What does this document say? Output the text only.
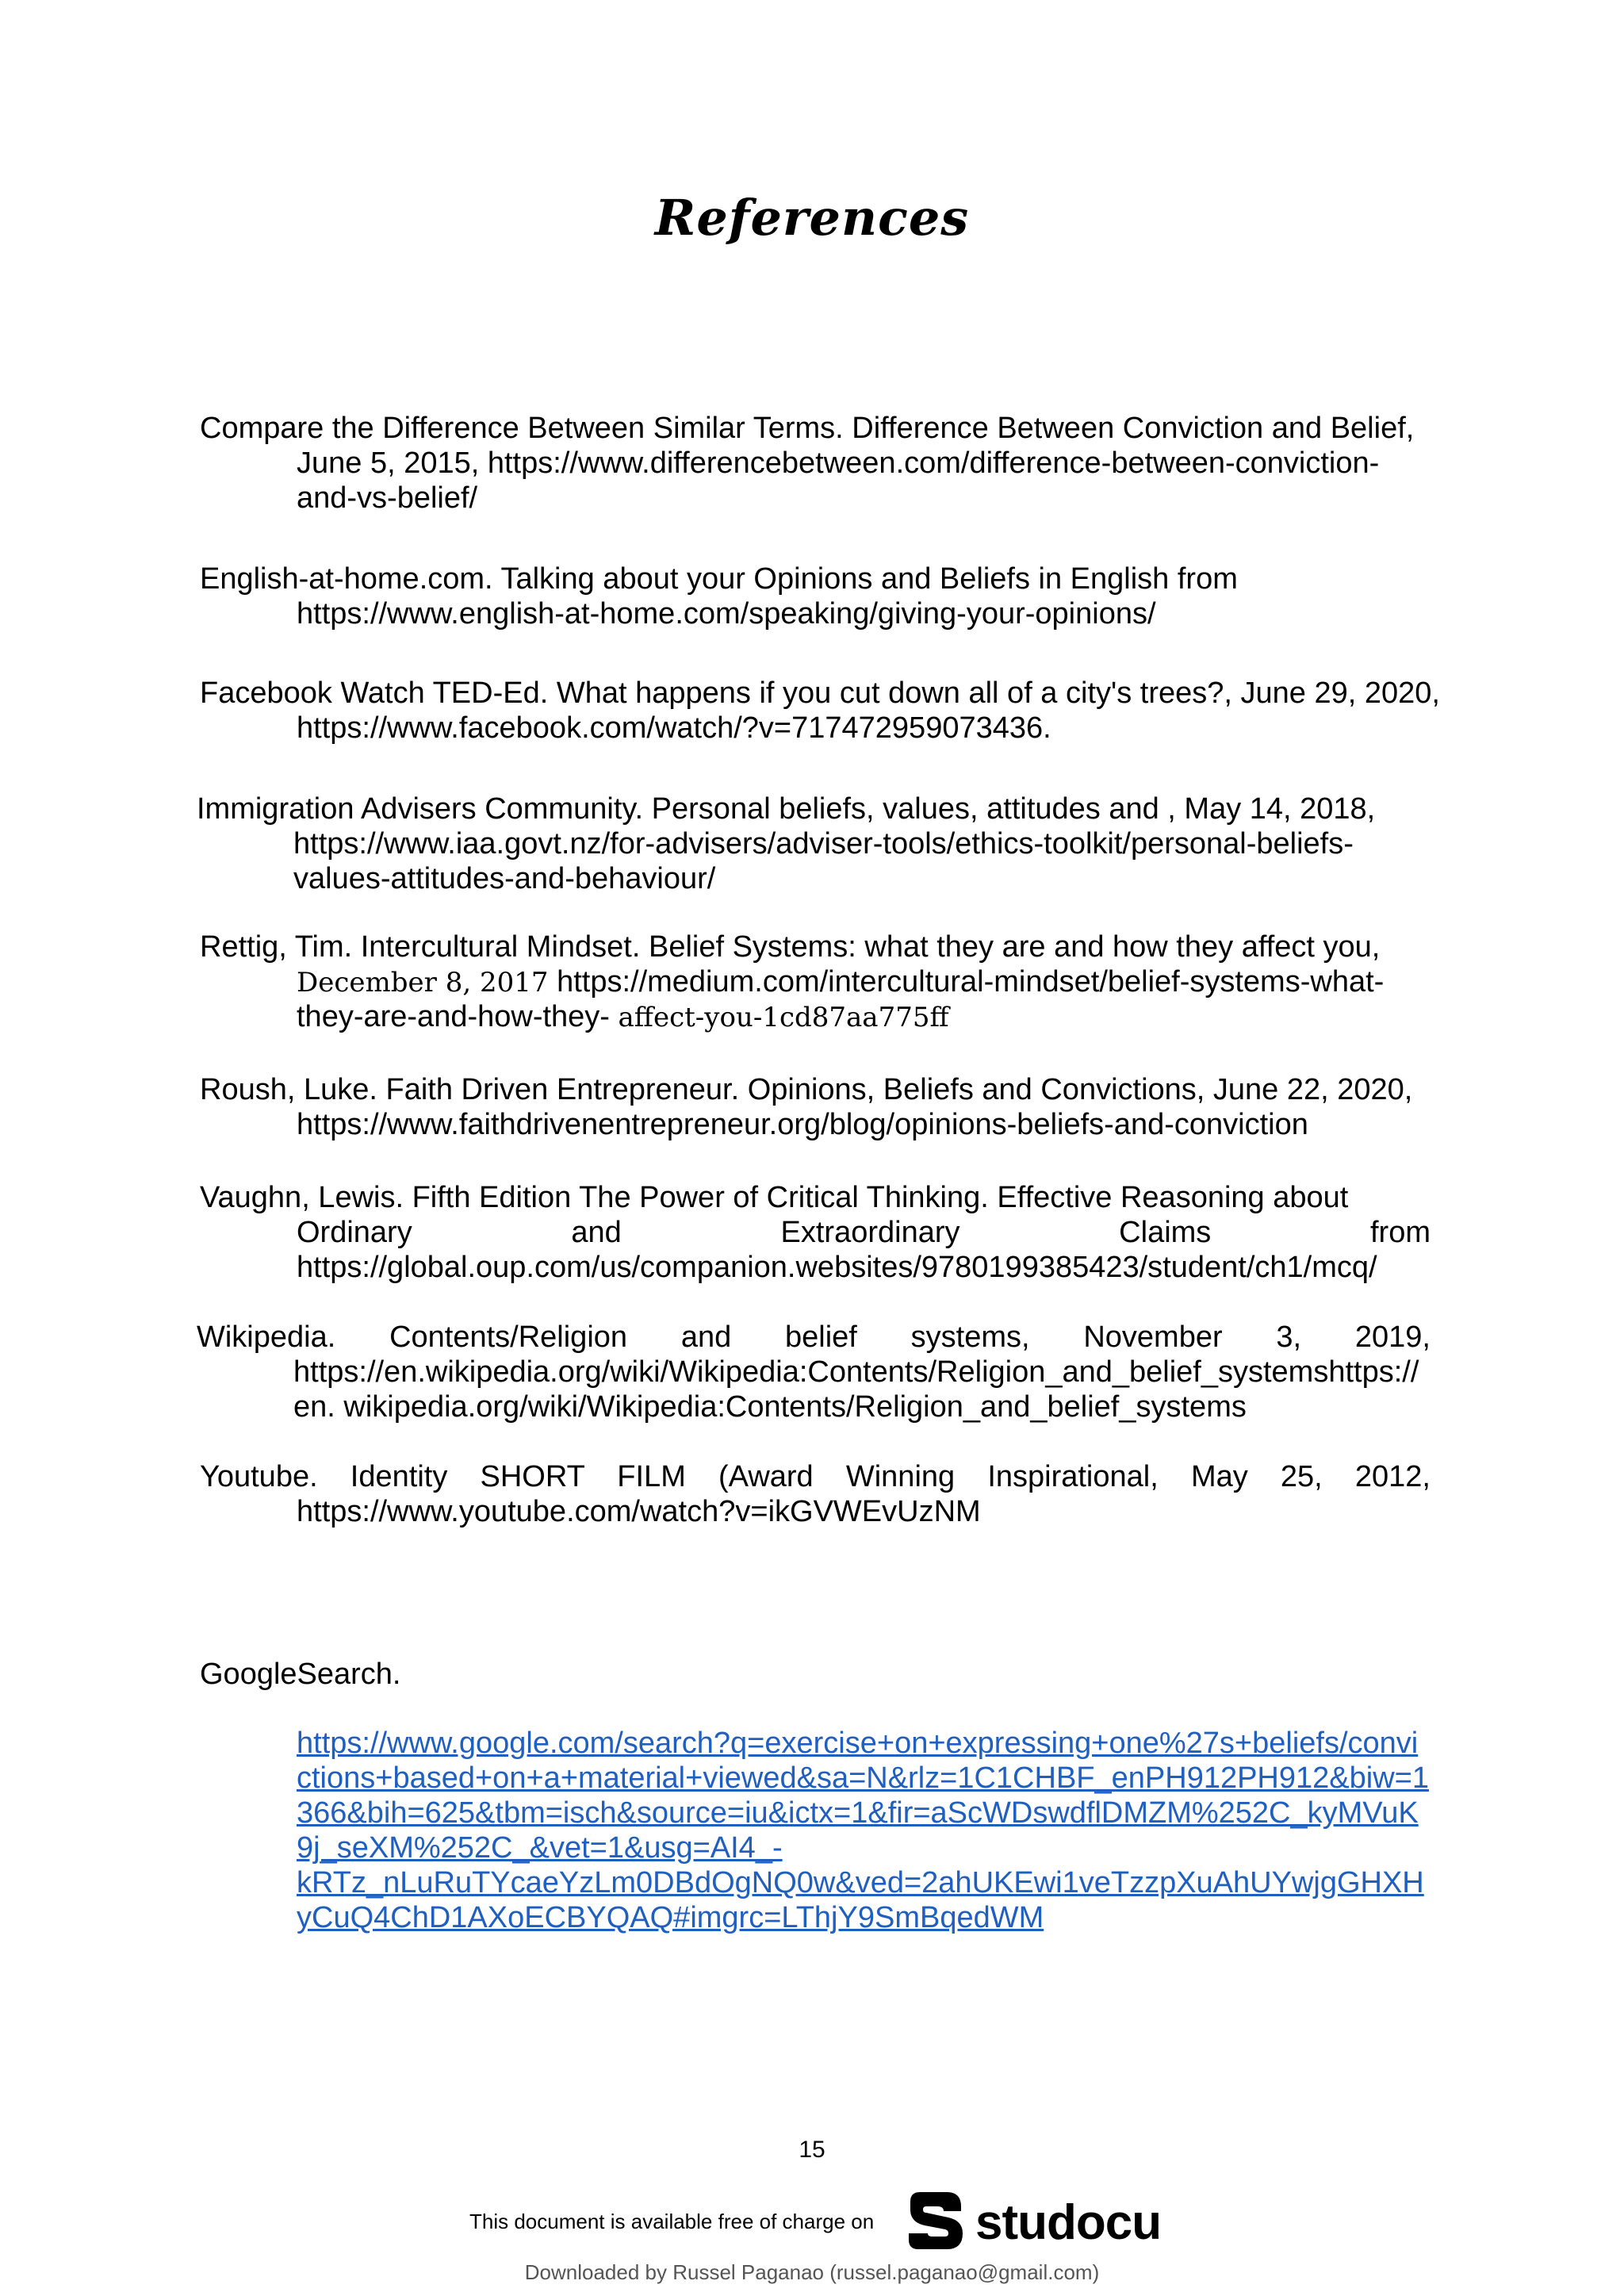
References
Compare the Difference Between Similar Terms. Difference Between Conviction and Belief,
June 5, 2015, https://www.differencebetween.com/difference-between-conviction-
and-vs-belief/
English-at-home.com. Talking about your Opinions and Beliefs in English from
https://www.english-at-home.com/speaking/giving-your-opinions/
Facebook Watch TED-Ed. What happens if you cut down all of a city's trees?, June 29, 2020,
https://www.facebook.com/watch/?v=717472959073436.
Immigration Advisers Community. Personal beliefs, values, attitudes and , May 14, 2018,
https://www.iaa.govt.nz/for-advisers/adviser-tools/ethics-toolkit/personal-beliefs-
values-attitudes-and-behaviour/
Rettig, Tim. Intercultural Mindset. Belief Systems: what they are and how they affect you,
December 8, 2017 https://medium.com/intercultural-mindset/belief-systems-what-
they-are-and-how-they- affect-you-1cd87aa775ff
Roush, Luke. Faith Driven Entrepreneur. Opinions, Beliefs and Convictions, June 22, 2020,
https://www.faithdrivenentrepreneur.org/blog/opinions-beliefs-and-conviction
Vaughn, Lewis. Fifth Edition The Power of Critical Thinking. Effective Reasoning about
Ordinary and Extraordinary Claims from
https://global.oup.com/us/companion.websites/9780199385423/student/ch1/mcq/
Wikipedia. Contents/Religion and belief systems, November 3, 2019,
https://en.wikipedia.org/wiki/Wikipedia:Contents/Religion_and_belief_systemshttps://
en. wikipedia.org/wiki/Wikipedia:Contents/Religion_and_belief_systems
Youtube. Identity SHORT FILM (Award Winning Inspirational, May 25, 2012,
https://www.youtube.com/watch?v=ikGVWEvUzNM
GoogleSearch.
https://www.google.com/search?q=exercise+on+expressing+one%27s+beliefs/convi
ctions+based+on+a+material+viewed&sa=N&rlz=1C1CHBF_enPH912PH912&biw=1
366&bih=625&tbm=isch&source=iu&ictx=1&fir=aScWDswdflDMZM%252C_kyMVuK
9j_seXM%252C_&vet=1&usg=AI4_-
kRTz_nLuRuTYcaeYzLm0DBdOgNQ0w&ved=2ahUKEwi1veTzzpXuAhUYwjgGHXH
yCuQ4ChD1AXoECBYQAQ#imgrc=LThjY9SmBqedWM
15
This document is available free of charge on studocu
Downloaded by Russel Paganao (russel.paganao@gmail.com)
